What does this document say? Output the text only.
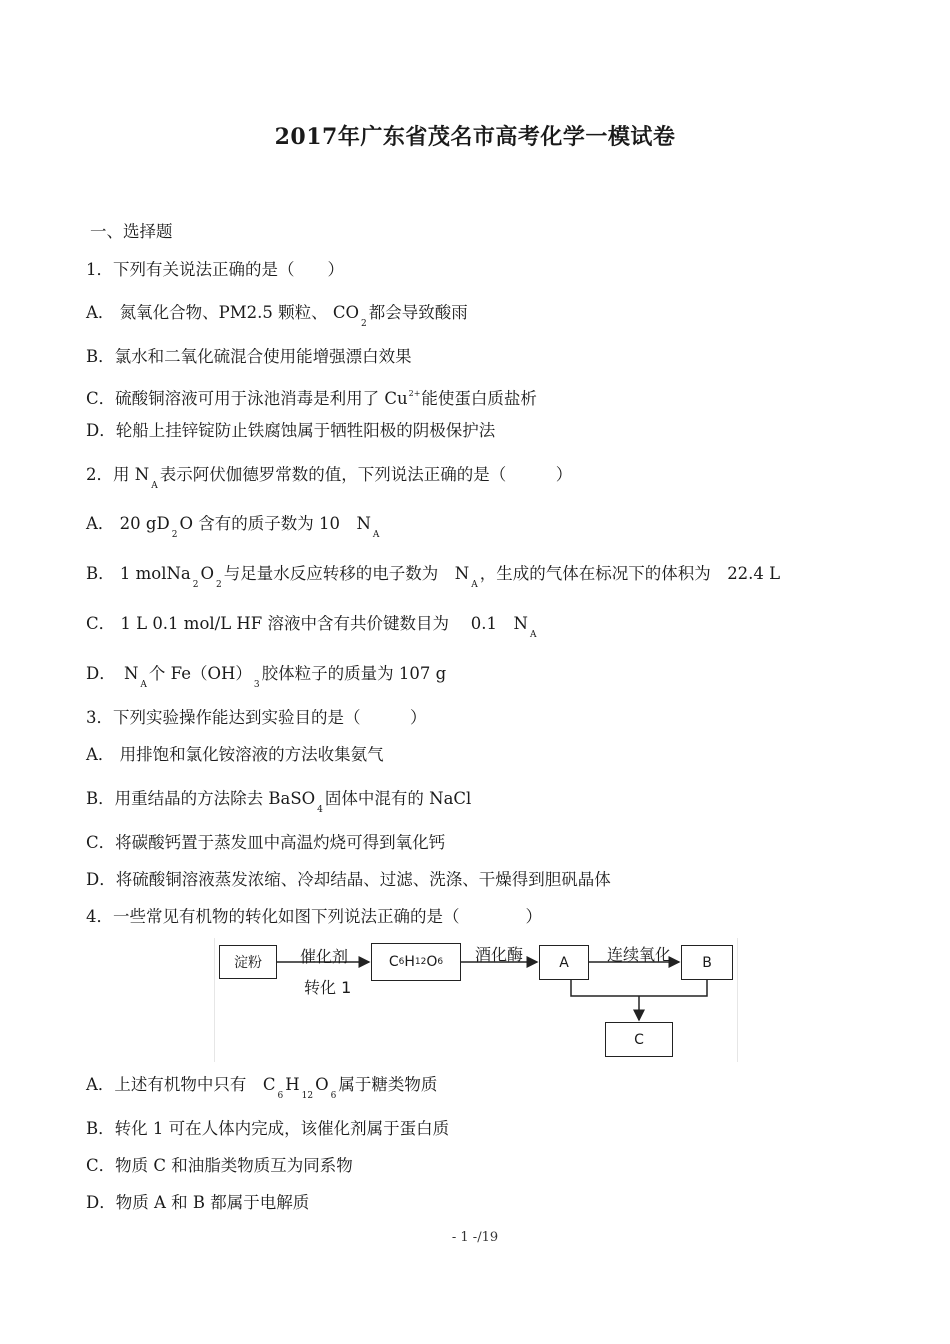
2017年广东省茂名市高考化学一模试卷
一、选择题
1．下列有关说法正确的是（　　）
A． 氮氧化合物、PM2.5 颗粒、 $CO_2$都会导致酸雨
B．氯水和二氧化硫混合使用能增强漂白效果
C．硫酸铜溶液可用于泳池消毒是利用了 $Cu^{2+}$能使蛋白质盐析
D．轮船上挂锌锭防止铁腐蚀属于牺牲阳极的阴极保护法
2．用 $N_A$表示阿伏伽德罗常数的值，下列说法正确的是（　　　）
A． 20 $gD_2O$ 含有的质子数为 10　$N_A$
B． 1 $molNa_2O_2$与足量水反应转移的电子数为　$N_A$，生成的气体在标况下的体积为　22.4 L
C． 1 L 0.1 mol/L HF 溶液中含有共价键数目为　 0.1　$N_A$
D．　$N_A$个 $Fe(OH)_3$胶体粒子的质量为 107 g
3．下列实验操作能达到实验目的是（　　　）
A． 用排饱和氯化铵溶液的方法收集氨气
B．用重结晶的方法除去 BaSO$_4$固体中混有的 NaCl
C．将碳酸钙置于蒸发皿中高温灼烧可得到氧化钙
D．将硫酸铜溶液蒸发浓缩、冷却结晶、过滤、洗涤、干燥得到胆矾晶体
4．一些常见有机物的转化如图下列说法正确的是（　　　　）
淀粉	催化剂
转化 1
C 6 H 12 O 6 酒化酶	A	连续氧化	B
C
A．上述有机物中只有　$C_6H_{12}O_6$属于糖类物质
B．转化 1 可在人体内完成，该催化剂属于蛋白质
C．物质 C 和油脂类物质互为同系物
D．物质 A 和 B 都属于电解质
- 1 -/19
